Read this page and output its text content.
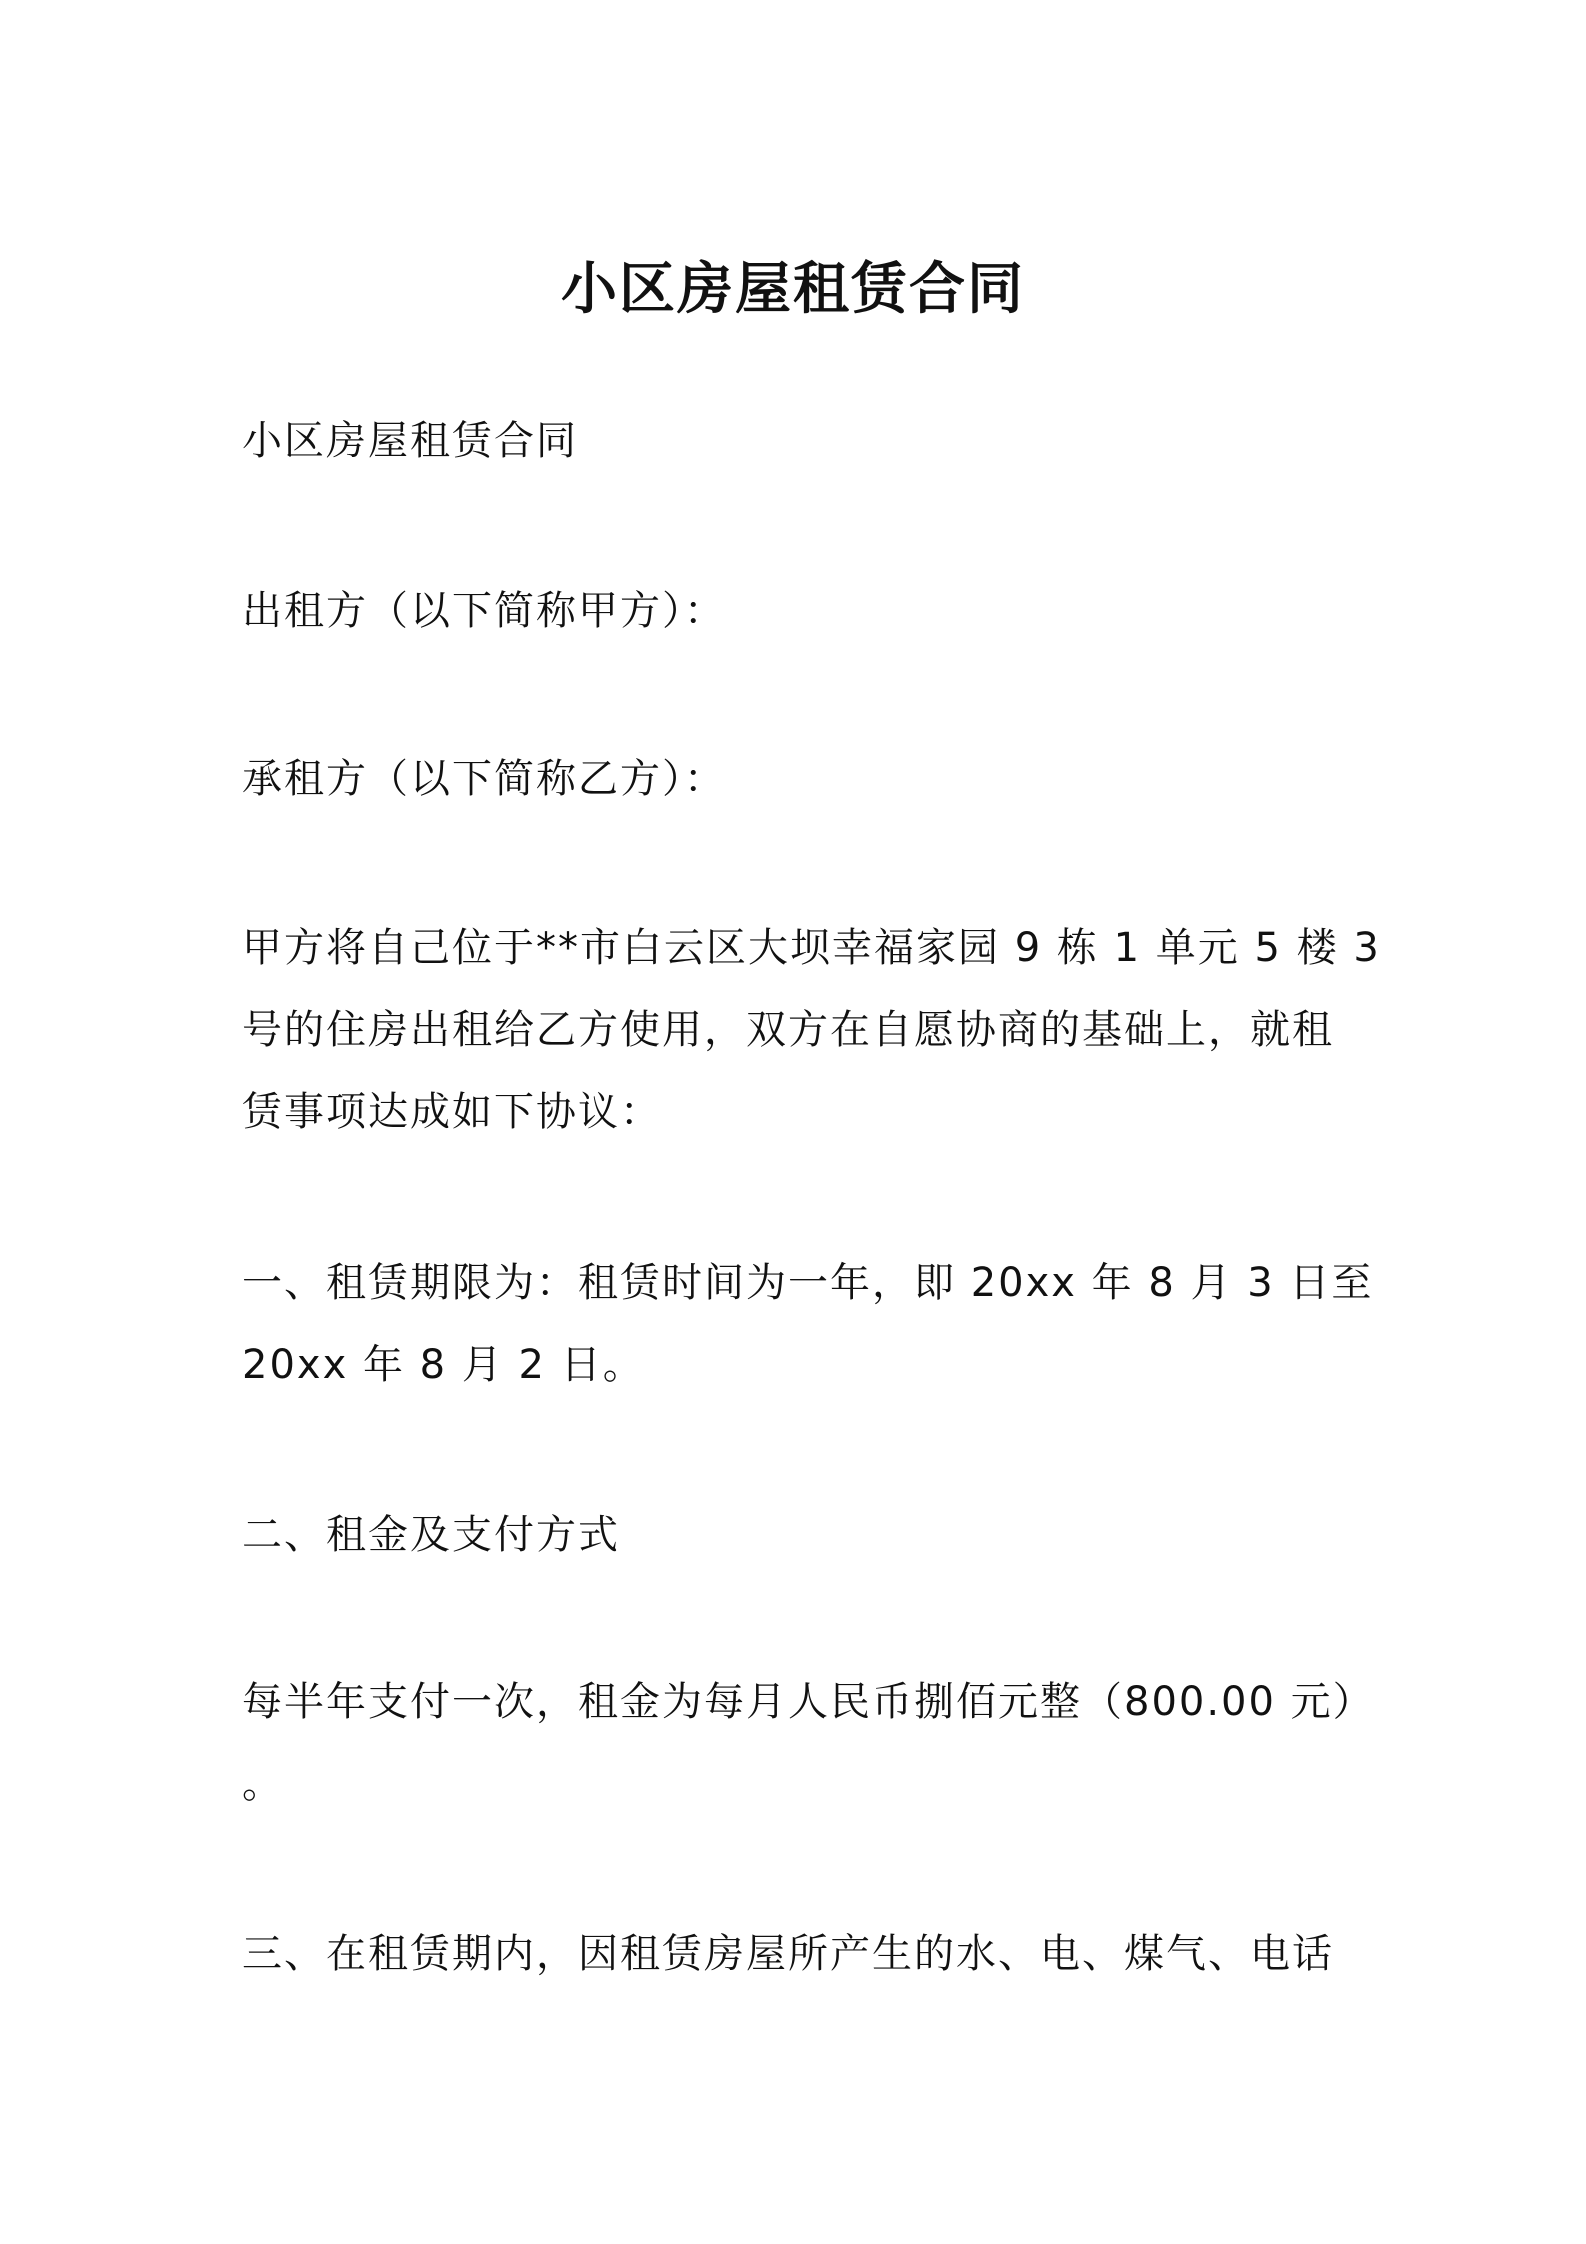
小区房屋租赁合同
小区房屋租赁合同
出租方（以下简称甲方）：
承租方（以下简称乙方）：
甲方将自己位于**市白云区大坝幸福家园 9 栋 1 单元 5 楼 3
号的住房出租给乙方使用，双方在自愿协商的基础上，就租
赁事项达成如下协议：
一、租赁期限为：租赁时间为一年，即 20xx 年 8 月 3 日至
20xx 年 8 月 2 日。
二、租金及支付方式
每半年支付一次，租金为每月人民币捌佰元整（800.00 元）
。
三、在租赁期内，因租赁房屋所产生的水、电、煤气、电话
